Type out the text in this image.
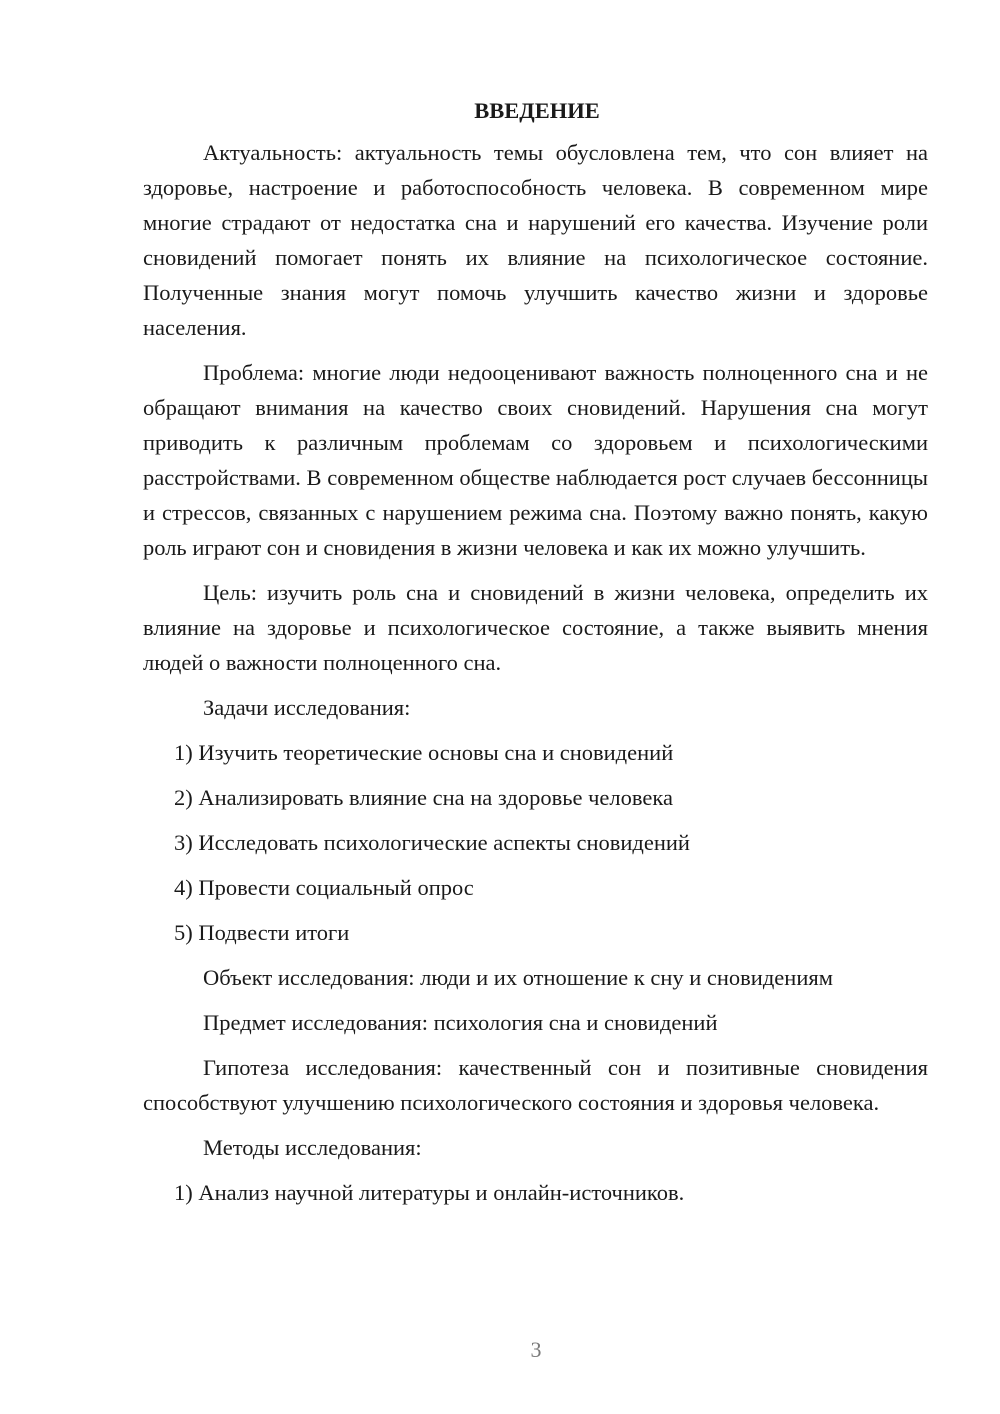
ВВЕДЕНИЕ

Актуальность: актуальность темы обусловлена тем, что сон влияет на здоровье, настроение и работоспособность человека. В современном мире многие страдают от недостатка сна и нарушений его качества. Изучение роли сновидений помогает понять их влияние на психологическое состояние. Полученные знания могут помочь улучшить качество жизни и здоровье населения.

Проблема: многие люди недооценивают важность полноценного сна и не обращают внимания на качество своих сновидений. Нарушения сна могут приводить к различным проблемам со здоровьем и психологическими расстройствами. В современном обществе наблюдается рост случаев бессонницы и стрессов, связанных с нарушением режима сна. Поэтому важно понять, какую роль играют сон и сновидения в жизни человека и как их можно улучшить.

Цель: изучить роль сна и сновидений в жизни человека, определить их влияние на здоровье и психологическое состояние, а также выявить мнения людей о важности полноценного сна.

Задачи исследования:
1) Изучить теоретические основы сна и сновидений
2) Анализировать влияние сна на здоровье человека
3) Исследовать психологические аспекты сновидений
4) Провести социальный опрос
5) Подвести итоги
Объект исследования: люди и их отношение к сну и сновидениям
Предмет исследования: психология сна и сновидений

Гипотеза исследования: качественный сон и позитивные сновидения способствуют улучшению психологического состояния и здоровья человека.

Методы исследования:
1) Анализ научной литературы и онлайн-источников.
3
